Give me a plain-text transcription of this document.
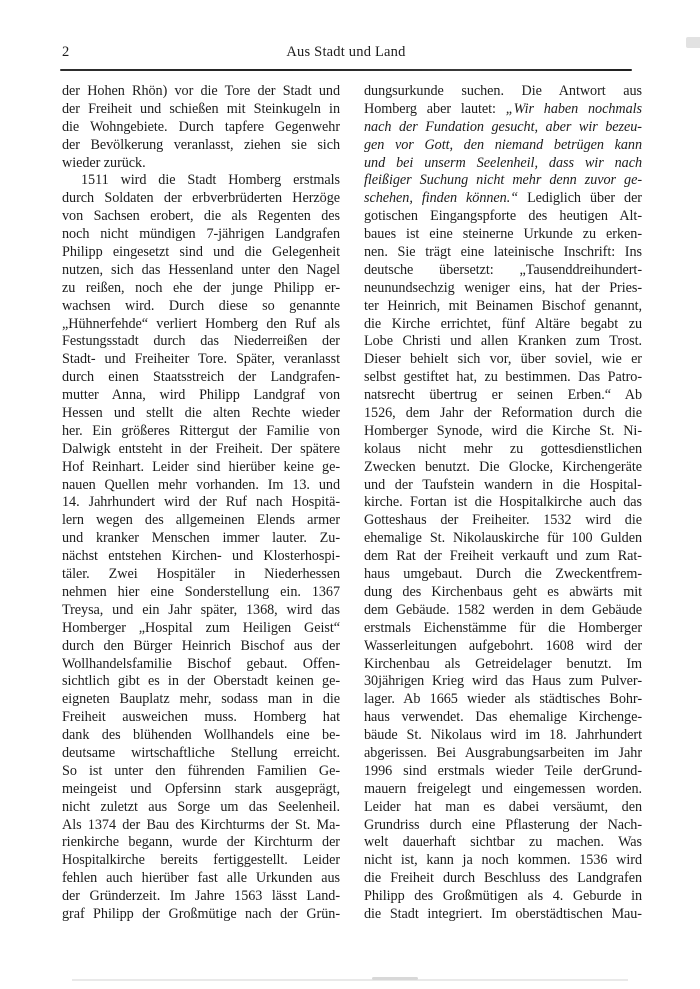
2	Aus Stadt und Land
der Hohen Rhön) vor die Tore der Stadt und
der Freiheit und schießen mit Steinkugeln in
die Wohngebiete. Durch tapfere Gegenwehr
der Bevölkerung veranlasst, ziehen sie sich
wieder zurück.
1511 wird die Stadt Homberg erstmals
durch Soldaten der erbverbrüderten Herzöge
von Sachsen erobert, die als Regenten des
noch nicht mündigen 7-jährigen Landgrafen
Philipp eingesetzt sind und die Gelegenheit
nutzen, sich das Hessenland unter den Nagel
zu reißen, noch ehe der junge Philipp er-
wachsen wird. Durch diese so genannte
„Hühnerfehde“ verliert Homberg den Ruf als
Festungsstadt durch das Niederreißen der
Stadt- und Freiheiter Tore. Später, veranlasst
durch einen Staatsstreich der Landgrafen-
mutter Anna, wird Philipp Landgraf von
Hessen und stellt die alten Rechte wieder
her. Ein größeres Rittergut der Familie von
Dalwigk entsteht in der Freiheit. Der spätere
Hof Reinhart. Leider sind hierüber keine ge-
nauen Quellen mehr vorhanden. Im 13. und
14. Jahrhundert wird der Ruf nach Hospitä-
lern wegen des allgemeinen Elends armer
und kranker Menschen immer lauter. Zu-
nächst entstehen Kirchen- und Klosterhospi-
täler. Zwei Hospitäler in Niederhessen
nehmen hier eine Sonderstellung ein. 1367
Treysa, und ein Jahr später, 1368, wird das
Homberger „Hospital zum Heiligen Geist“
durch den Bürger Heinrich Bischof aus der
Wollhandelsfamilie Bischof gebaut. Offen-
sichtlich gibt es in der Oberstadt keinen ge-
eigneten Bauplatz mehr, sodass man in die
Freiheit ausweichen muss. Homberg hat
dank des blühenden Wollhandels eine be-
deutsame wirtschaftliche Stellung erreicht.
So ist unter den führenden Familien Ge-
meingeist und Opfersinn stark ausgeprägt,
nicht zuletzt aus Sorge um das Seelenheil.
Als 1374 der Bau des Kirchturms der St. Ma-
rienkirche begann, wurde der Kirchturm der
Hospitalkirche bereits fertiggestellt. Leider
fehlen auch hierüber fast alle Urkunden aus
der Gründerzeit. Im Jahre 1563 lässt Land-
graf Philipp der Großmütige nach der Grün-
dungsurkunde suchen. Die Antwort aus
Homberg aber lautet: „Wir haben nochmals
nach der Fundation gesucht, aber wir bezeu-
gen vor Gott, den niemand betrügen kann
und bei unserm Seelenheil, dass wir nach
fleißiger Suchung nicht mehr denn zuvor ge-
schehen, finden können.“ Lediglich über der
gotischen Eingangspforte des heutigen Alt-
baues ist eine steinerne Urkunde zu erken-
nen. Sie trägt eine lateinische Inschrift: Ins
deutsche übersetzt: „Tausenddreihundert-
neunundsechzig weniger eins, hat der Pries-
ter Heinrich, mit Beinamen Bischof genannt,
die Kirche errichtet, fünf Altäre begabt zu
Lobe Christi und allen Kranken zum Trost.
Dieser behielt sich vor, über soviel, wie er
selbst gestiftet hat, zu bestimmen. Das Patro-
natsrecht übertrug er seinen Erben.“ Ab
1526, dem Jahr der Reformation durch die
Homberger Synode, wird die Kirche St. Ni-
kolaus nicht mehr zu gottesdienstlichen
Zwecken benutzt. Die Glocke, Kirchengeräte
und der Taufstein wandern in die Hospital-
kirche. Fortan ist die Hospitalkirche auch das
Gotteshaus der Freiheiter. 1532 wird die
ehemalige St. Nikolauskirche für 100 Gulden
dem Rat der Freiheit verkauft und zum Rat-
haus umgebaut. Durch die Zweckentfrem-
dung des Kirchenbaus geht es abwärts mit
dem Gebäude. 1582 werden in dem Gebäude
erstmals Eichenstämme für die Homberger
Wasserleitungen aufgebohrt. 1608 wird der
Kirchenbau als Getreidelager benutzt. Im
30jährigen Krieg wird das Haus zum Pulver-
lager. Ab 1665 wieder als städtisches Bohr-
haus verwendet. Das ehemalige Kirchenge-
bäude St. Nikolaus wird im 18. Jahrhundert
abgerissen. Bei Ausgrabungsarbeiten im Jahr
1996 sind erstmals wieder Teile derGrund-
mauern freigelegt und eingemessen worden.
Leider hat man es dabei versäumt, den
Grundriss durch eine Pflasterung der Nach-
welt dauerhaft sichtbar zu machen. Was
nicht ist, kann ja noch kommen. 1536 wird
die Freiheit durch Beschluss des Landgrafen
Philipp des Großmütigen als 4. Geburde in
die Stadt integriert. Im oberstädtischen Mau-
